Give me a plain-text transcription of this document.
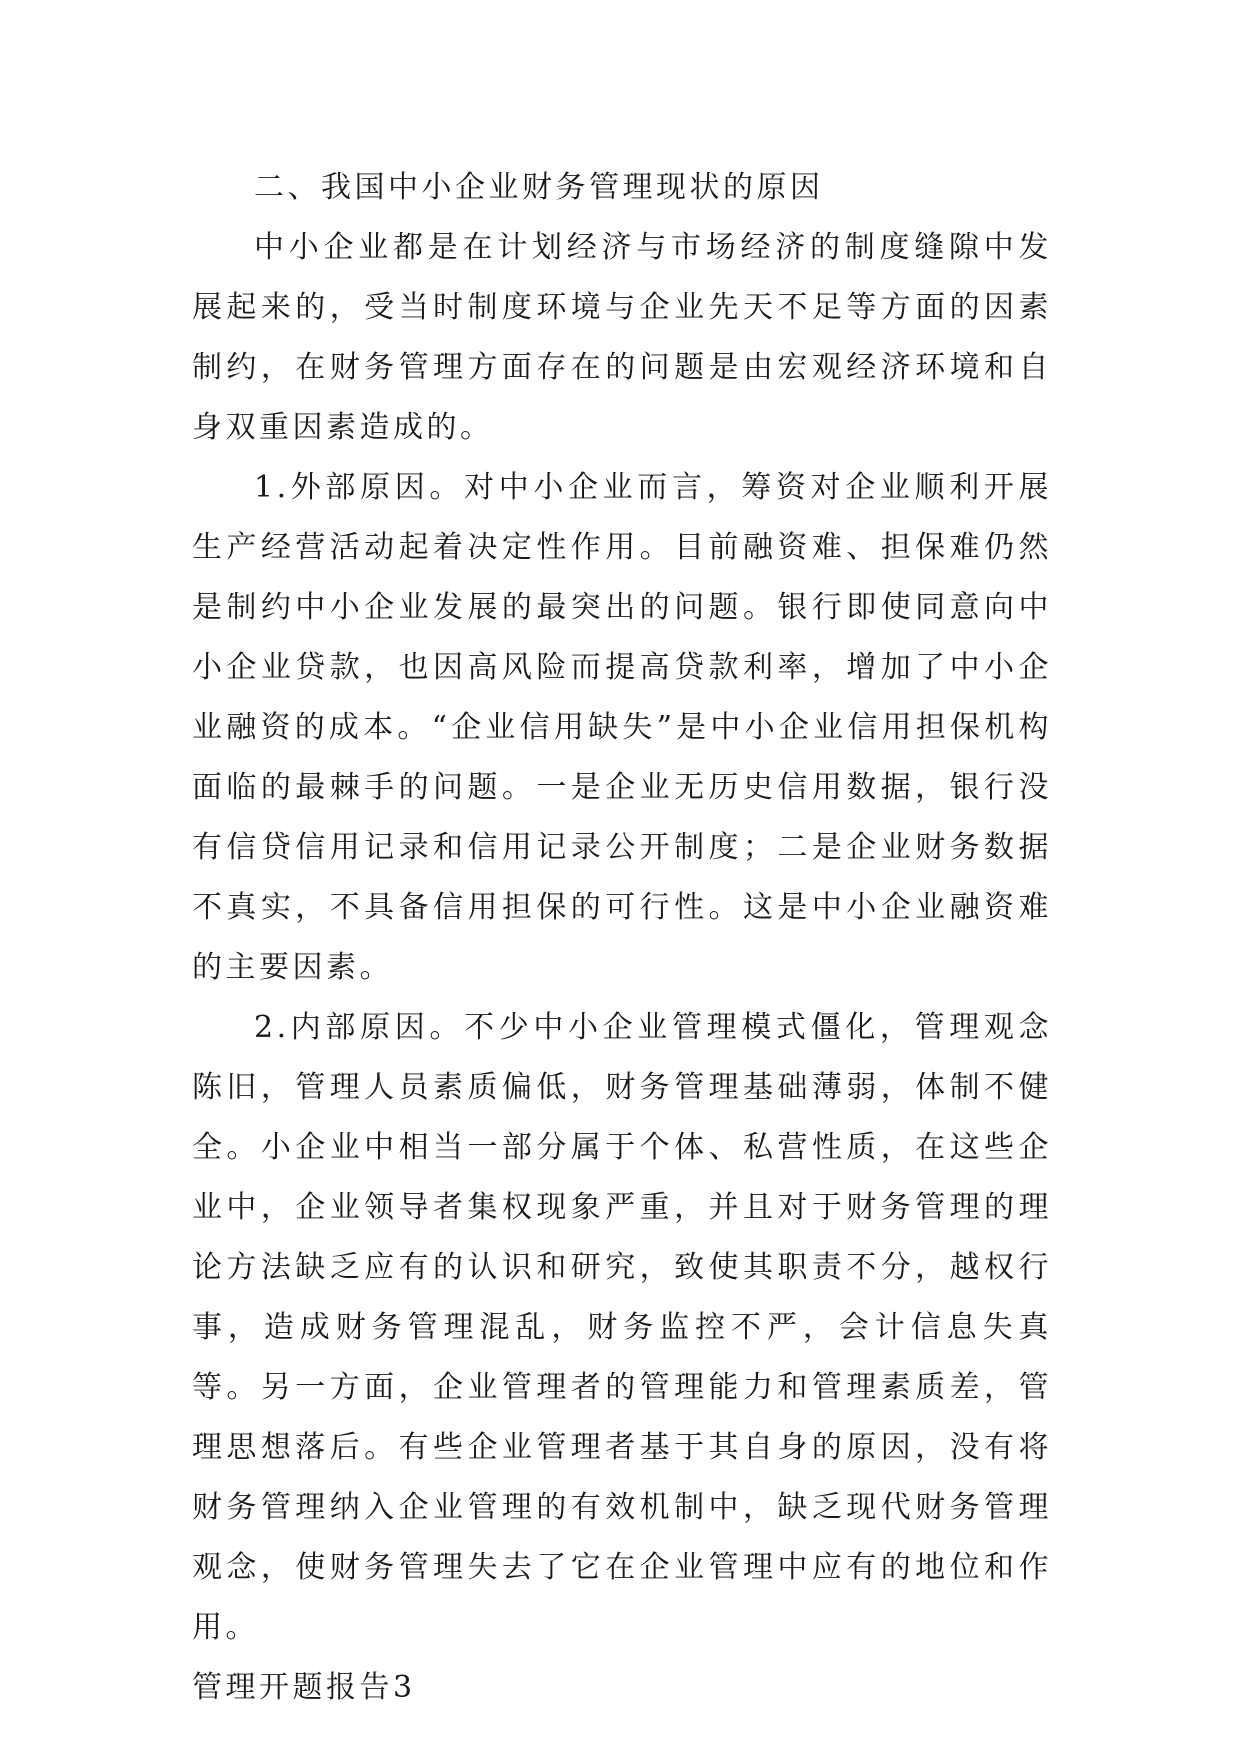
二、我国中小企业财务管理现状的原因

中小企业都是在计划经济与市场经济的制度缝隙中发展起来的，受当时制度环境与企业先天不足等方面的因素制约，在财务管理方面存在的问题是由宏观经济环境和自身双重因素造成的。

1.外部原因。对中小企业而言，筹资对企业顺利开展生产经营活动起着决定性作用。目前融资难、担保难仍然是制约中小企业发展的最突出的问题。银行即使同意向中小企业贷款，也因高风险而提高贷款利率，增加了中小企业融资的成本。“企业信用缺失”是中小企业信用担保机构面临的最棘手的问题。一是企业无历史信用数据，银行没有信贷信用记录和信用记录公开制度；二是企业财务数据不真实，不具备信用担保的可行性。这是中小企业融资难的主要因素。

2.内部原因。不少中小企业管理模式僵化，管理观念陈旧，管理人员素质偏低，财务管理基础薄弱，体制不健全。小企业中相当一部分属于个体、私营性质，在这些企业中，企业领导者集权现象严重，并且对于财务管理的理论方法缺乏应有的认识和研究，致使其职责不分，越权行事，造成财务管理混乱，财务监控不严，会计信息失真等。另一方面，企业管理者的管理能力和管理素质差，管理思想落后。有些企业管理者基于其自身的原因，没有将财务管理纳入企业管理的有效机制中，缺乏现代财务管理观念，使财务管理失去了它在企业管理中应有的地位和作用。

管理开题报告3
